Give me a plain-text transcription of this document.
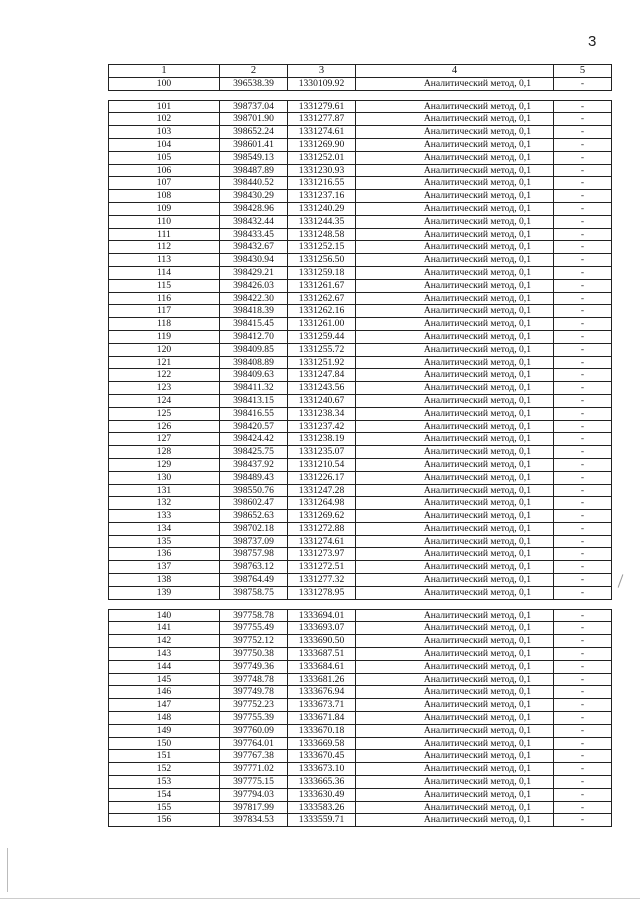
3
1	2	3	4	5
100	396538.39	1330109.92	Аналитический метод, 0,1	-

101	398737.04	1331279.61	Аналитический метод, 0,1	-
102	398701.90	1331277.87	Аналитический метод, 0,1	-
103	398652.24	1331274.61	Аналитический метод, 0,1	-
104	398601.41	1331269.90	Аналитический метод, 0,1	-
105	398549.13	1331252.01	Аналитический метод, 0,1	-
106	398487.89	1331230.93	Аналитический метод, 0,1	-
107	398440.52	1331216.55	Аналитический метод, 0,1	-
108	398430.29	1331237.16	Аналитический метод, 0,1	-
109	398428.96	1331240.29	Аналитический метод, 0,1	-
110	398432.44	1331244.35	Аналитический метод, 0,1	-
111	398433.45	1331248.58	Аналитический метод, 0,1	-
112	398432.67	1331252.15	Аналитический метод, 0,1	-
113	398430.94	1331256.50	Аналитический метод, 0,1	-
114	398429.21	1331259.18	Аналитический метод, 0,1	-
115	398426.03	1331261.67	Аналитический метод, 0,1	-
116	398422.30	1331262.67	Аналитический метод, 0,1	-
117	398418.39	1331262.16	Аналитический метод, 0,1	-
118	398415.45	1331261.00	Аналитический метод, 0,1	-
119	398412.70	1331259.44	Аналитический метод, 0,1	-
120	398409.85	1331255.72	Аналитический метод, 0,1	-
121	398408.89	1331251.92	Аналитический метод, 0,1	-
122	398409.63	1331247.84	Аналитический метод, 0,1	-
123	398411.32	1331243.56	Аналитический метод, 0,1	-
124	398413.15	1331240.67	Аналитический метод, 0,1	-
125	398416.55	1331238.34	Аналитический метод, 0,1	-
126	398420.57	1331237.42	Аналитический метод, 0,1	-
127	398424.42	1331238.19	Аналитический метод, 0,1	-
128	398425.75	1331235.07	Аналитический метод, 0,1	-
129	398437.92	1331210.54	Аналитический метод, 0,1	-
130	398489.43	1331226.17	Аналитический метод, 0,1	-
131	398550.76	1331247.28	Аналитический метод, 0,1	-
132	398602.47	1331264.98	Аналитический метод, 0,1	-
133	398652.63	1331269.62	Аналитический метод, 0,1	-
134	398702.18	1331272.88	Аналитический метод, 0,1	-
135	398737.09	1331274.61	Аналитический метод, 0,1	-
136	398757.98	1331273.97	Аналитический метод, 0,1	-
137	398763.12	1331272.51	Аналитический метод, 0,1	-
138	398764.49	1331277.32	Аналитический метод, 0,1	-
139	398758.75	1331278.95	Аналитический метод, 0,1	-

140	397758.78	1333694.01	Аналитический метод, 0,1	-
141	397755.49	1333693.07	Аналитический метод, 0,1	-
142	397752.12	1333690.50	Аналитический метод, 0,1	-
143	397750.38	1333687.51	Аналитический метод, 0,1	-
144	397749.36	1333684.61	Аналитический метод, 0,1	-
145	397748.78	1333681.26	Аналитический метод, 0,1	-
146	397749.78	1333676.94	Аналитический метод, 0,1	-
147	397752.23	1333673.71	Аналитический метод, 0,1	-
148	397755.39	1333671.84	Аналитический метод, 0,1	-
149	397760.09	1333670.18	Аналитический метод, 0,1	-
150	397764.01	1333669.58	Аналитический метод, 0,1	-
151	397767.38	1333670.45	Аналитический метод, 0,1	-
152	397771.02	1333673.10	Аналитический метод, 0,1	-
153	397775.15	1333665.36	Аналитический метод, 0,1	-
154	397794.03	1333630.49	Аналитический метод, 0,1	-
155	397817.99	1333583.26	Аналитический метод, 0,1	-
156	397834.53	1333559.71	Аналитический метод, 0,1	-
